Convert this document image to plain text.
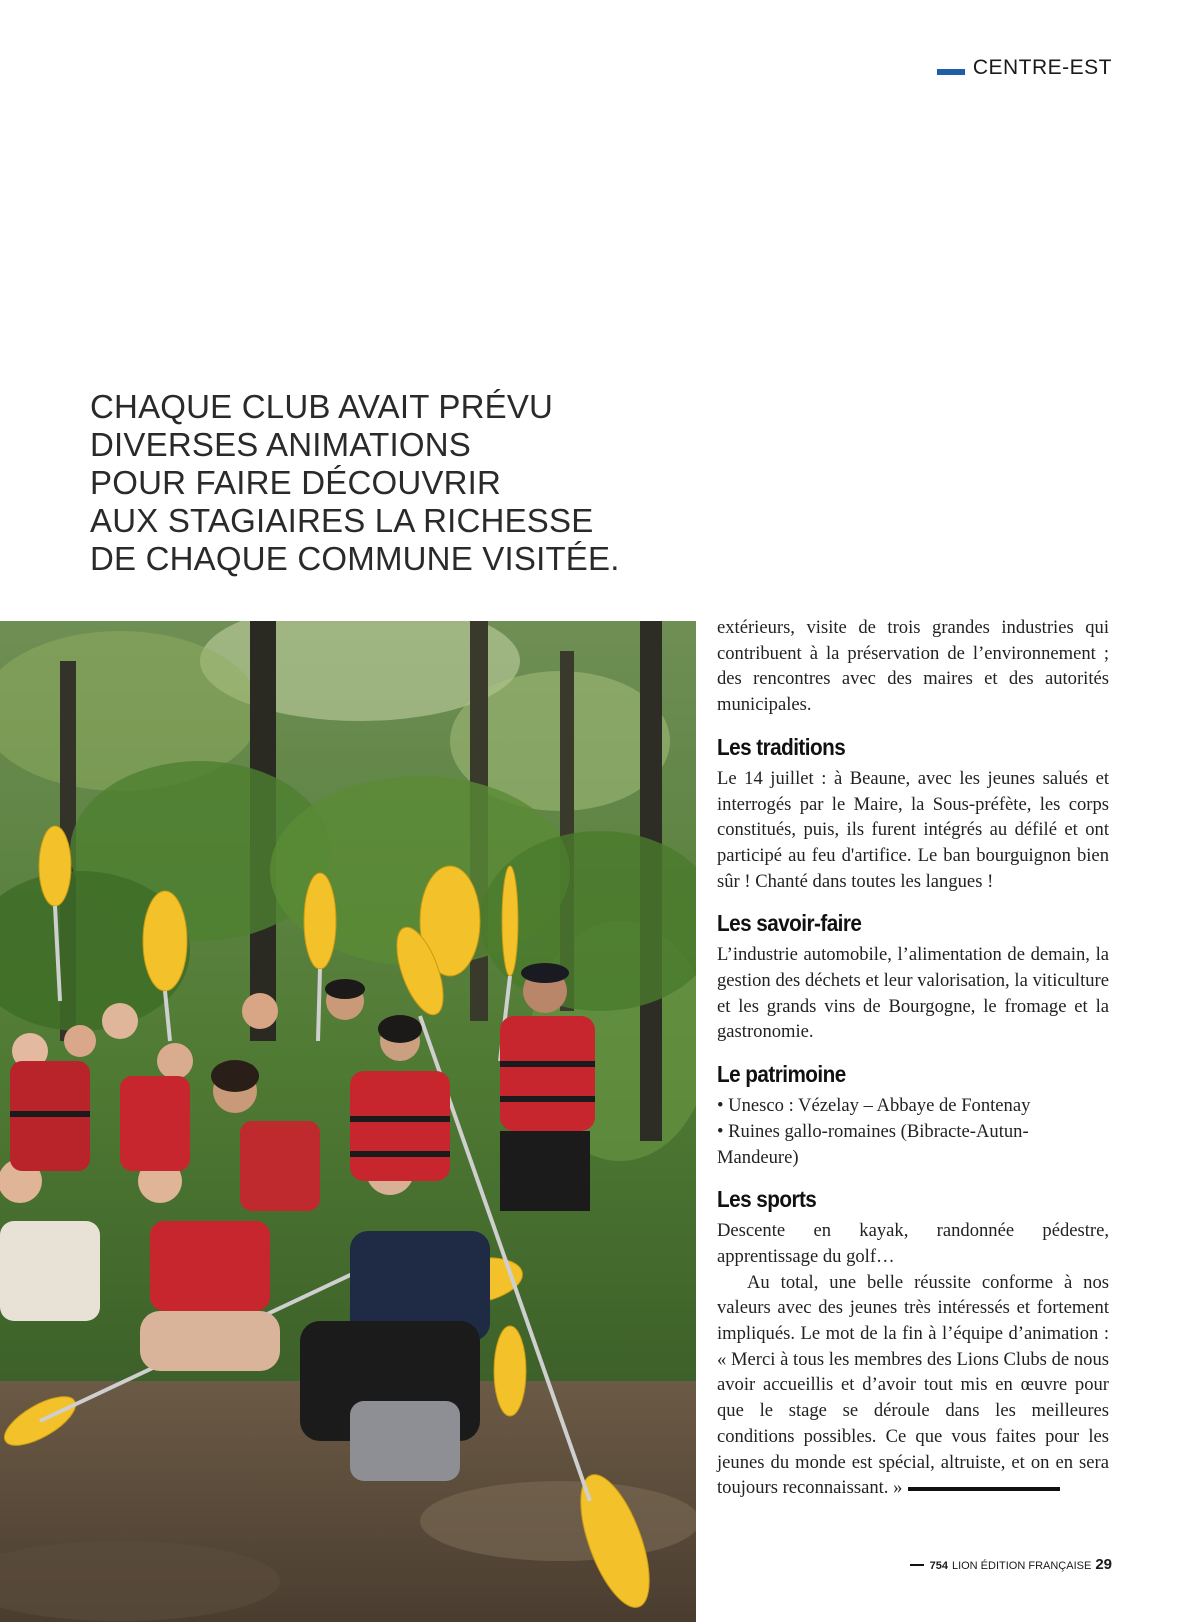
CENTRE-EST

CHAQUE CLUB AVAIT PRÉVU

DIVERSES ANIMATIONS

POUR FAIRE DÉCOUVRIR

AUX STAGIAIRES LA RICHESSE

DE CHAQUE COMMUNE VISITÉE.

extérieurs, visite de trois grandes industries qui contribuent à la préservation de l’environnement ; des rencontres avec des maires et des autorités municipales.

Les traditions

Le 14 juillet : à Beaune, avec les jeunes salués et interrogés par le Maire, la Sous-préfète, les corps constitués, puis, ils furent intégrés au défilé et ont participé au feu d'artifice. Le ban bourguignon bien sûr ! Chanté dans toutes les langues !

Les savoir-faire

L’industrie automobile, l’alimentation de demain, la gestion des déchets et leur valorisation, la viticulture et les grands vins de Bourgogne, le fromage et la gastronomie.

Le patrimoine
• Unesco : Vézelay – Abbaye de Fontenay
• Ruines gallo-romaines (Bibracte-Autun-Mandeure)
Les sports

Descente en kayak, randonnée pédestre, apprentissage du golf…

Au total, une belle réussite conforme à nos valeurs avec des jeunes très intéressés et fortement impliqués. Le mot de la fin à l’équipe d’animation : « Merci à tous les membres des Lions Clubs de nous avoir accueillis et d’avoir tout mis en œuvre pour que le stage se déroule dans les meilleures conditions possibles. Ce que vous faites pour les jeunes du monde est spécial, altruiste, et on en sera toujours reconnaissant. »

754 LION ÉDITION FRANÇAISE 29
